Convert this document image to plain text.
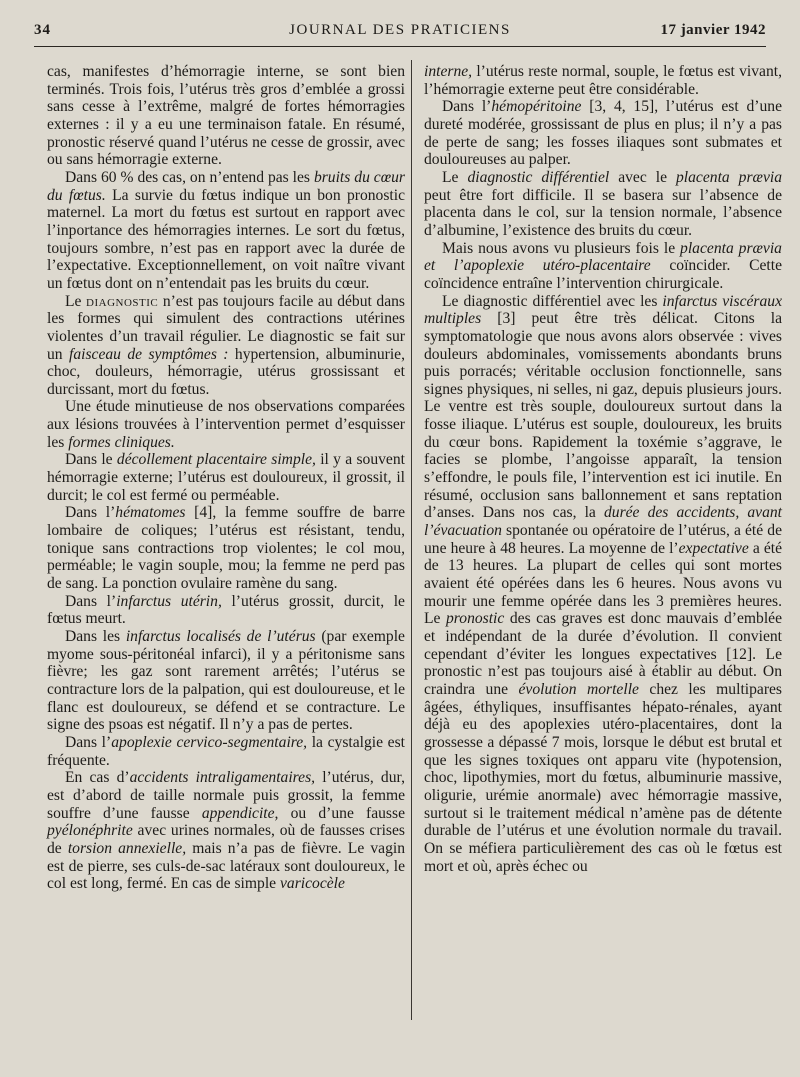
34	JOURNAL DES PRATICIENS	17 janvier 1942

cas, manifestes d’hémorragie interne, se sont bien terminés. Trois fois, l’utérus très gros d’emblée a grossi sans cesse à l’extrême, malgré de fortes hémorragies externes : il y a eu une terminaison fatale. En résumé, pronostic réservé quand l’utérus ne cesse de grossir, avec ou sans hémorragie externe.

Dans 60 % des cas, on n’entend pas les bruits du cœur du fœtus. La survie du fœtus indique un bon pronostic maternel. La mort du fœtus est surtout en rapport avec l’inportance des hémorragies internes. Le sort du fœtus, toujours sombre, n’est pas en rapport avec la durée de l’expectative. Exceptionnellement, on voit naître vivant un fœtus dont on n’entendait pas les bruits du cœur.

Le diagnostic n’est pas toujours facile au début dans les formes qui simulent des contractions utérines violentes d’un travail régulier. Le diagnostic se fait sur un faisceau de symptômes : hypertension, albuminurie, choc, douleurs, hémorragie, utérus grossissant et durcissant, mort du fœtus.

Une étude minutieuse de nos observations comparées aux lésions trouvées à l’intervention permet d’esquisser les formes cliniques.

Dans le décollement placentaire simple, il y a souvent hémorragie externe; l’utérus est douloureux, il grossit, il durcit; le col est fermé ou perméable.

Dans l’hématomes [4], la femme souffre de barre lombaire de coliques; l’utérus est résistant, tendu, tonique sans contractions trop violentes; le col mou, perméable; le vagin souple, mou; la femme ne perd pas de sang. La ponction ovulaire ramène du sang.

Dans l’infarctus utérin, l’utérus grossit, durcit, le fœtus meurt.

Dans les infarctus localisés de l’utérus (par exemple myome sous-péritonéal infarci), il y a péritonisme sans fièvre; les gaz sont rarement arrêtés; l’utérus se contracture lors de la palpation, qui est douloureuse, et le flanc est douloureux, se défend et se contracture. Le signe des psoas est négatif. Il n’y a pas de pertes.

Dans l’apoplexie cervico-segmentaire, la cystalgie est fréquente.

En cas d’accidents intraligamentaires, l’utérus, dur, est d’abord de taille normale puis grossit, la femme souffre d’une fausse appendicite, ou d’une fausse pyélonéphrite avec urines normales, où de fausses crises de torsion annexielle, mais n’a pas de fièvre. Le vagin est de pierre, ses culs-de-sac latéraux sont douloureux, le col est long, fermé. En cas de simple varicocèle

interne, l’utérus reste normal, souple, le fœtus est vivant, l’hémorragie externe peut être considérable.

Dans l’hémopéritoine [3, 4, 15], l’utérus est d’une dureté modérée, grossissant de plus en plus; il n’y a pas de perte de sang; les fosses iliaques sont submates et douloureuses au palper.

Le diagnostic différentiel avec le placenta prævia peut être fort difficile. Il se basera sur l’absence de placenta dans le col, sur la tension normale, l’absence d’albumine, l’existence des bruits du cœur.

Mais nous avons vu plusieurs fois le placenta prævia et l’apoplexie utéro-placentaire coïncider. Cette coïncidence entraîne l’intervention chirurgicale.

Le diagnostic différentiel avec les infarctus viscéraux multiples [3] peut être très délicat. Citons la symptomatologie que nous avons alors observée : vives douleurs abdominales, vomissements abondants bruns puis porracés; véritable occlusion fonctionnelle, sans signes physiques, ni selles, ni gaz, depuis plusieurs jours. Le ventre est très souple, douloureux surtout dans la fosse iliaque. L’utérus est souple, douloureux, les bruits du cœur bons. Rapidement la toxémie s’aggrave, le facies se plombe, l’angoisse apparaît, la tension s’effondre, le pouls file, l’intervention est ici inutile. En résumé, occlusion sans ballonnement et sans reptation d’anses. Dans nos cas, la durée des accidents, avant l’évacuation spontanée ou opératoire de l’utérus, a été de une heure à 48 heures. La moyenne de l’expectative a été de 13 heures. La plupart de celles qui sont mortes avaient été opérées dans les 6 heures. Nous avons vu mourir une femme opérée dans les 3 premières heures. Le pronostic des cas graves est donc mauvais d’emblée et indépendant de la durée d’évolution. Il convient cependant d’éviter les longues expectatives [12]. Le pronostic n’est pas toujours aisé à établir au début. On craindra une évolution mortelle chez les multipares âgées, éthyliques, insuffisantes hépato-rénales, ayant déjà eu des apoplexies utéro-placentaires, dont la grossesse a dépassé 7 mois, lorsque le début est brutal et que les signes toxiques ont apparu vite (hypotension, choc, lipothymies, mort du fœtus, albuminurie massive, oligurie, urémie anormale) avec hémorragie massive, surtout si le traitement médical n’amène pas de détente durable de l’utérus et une évolution normale du travail. On se méfiera particulièrement des cas où le fœtus est mort et où, après échec ou
